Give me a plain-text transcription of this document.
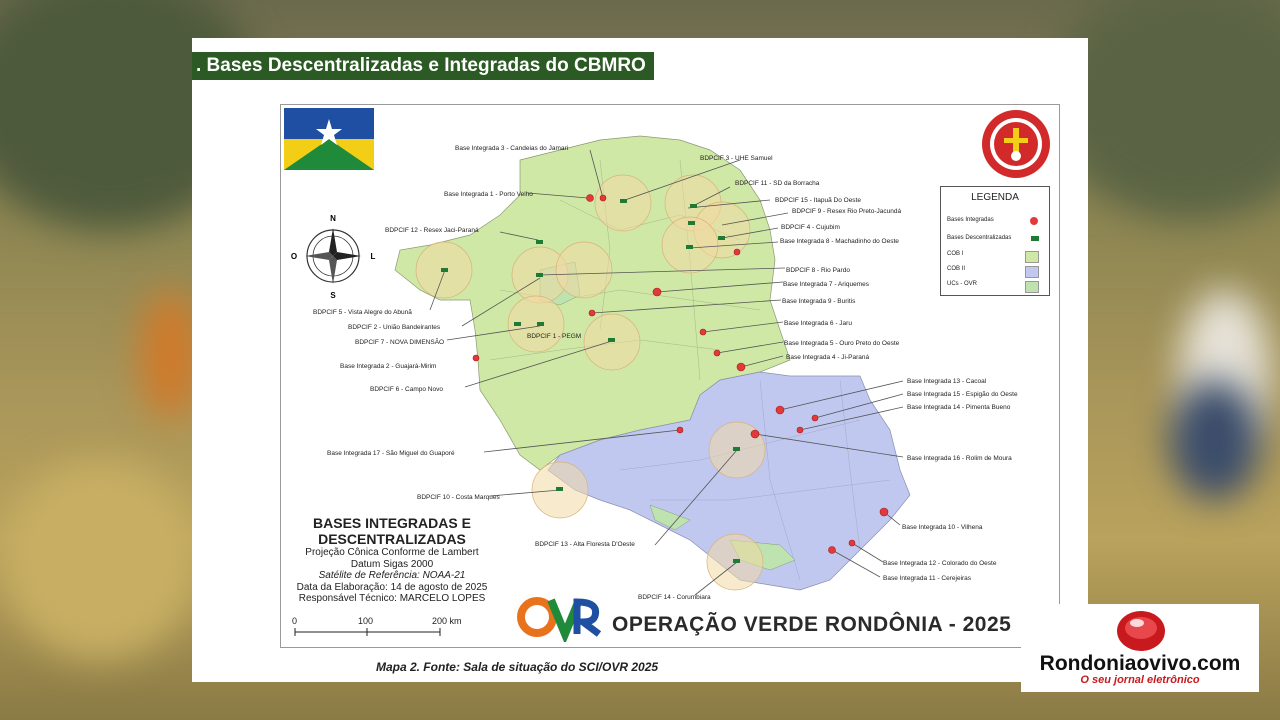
. Bases Descentralizadas e Integradas do CBMRO
Base Integrada 3 - Candeias do Jamari
BDPCIF 3 - UHE Samuel
BDPCIF 11 - SD da Borracha
Base Integrada 1 - Porto Velho
BDPCIF 15 - Itapuã Do Oeste
BDPCIF 9 - Resex Rio Preto-Jacundá
BDPCIF 4 - Cujubim
Base Integrada 8 - Machadinho do Oeste
BDPCIF 12 - Resex Jaci-Paraná
BDPCIF 8 - Rio Pardo
Base Integrada 7 - Ariquemes
Base Integrada 9 - Buritis
BDPCIF 5 - Vista Alegre do Abunã
BDPCIF 2 - União Bandeirantes
BDPCIF 7 - NOVA DIMENSÃO
BDPCIF 1 - PEGM
Base Integrada 6 - Jaru
Base Integrada 5 - Ouro Preto do Oeste
Base Integrada 4 - Ji-Paraná
Base Integrada 2 - Guajará-Mirim
BDPCIF 6 - Campo Novo
Base Integrada 13 - Cacoal
Base Integrada 15 - Espigão do Oeste
Base Integrada 14 - Pimenta Bueno
Base Integrada 17 - São Miguel do Guaporé
Base Integrada 16 - Rolim de Moura
BDPCIF 10 - Costa Marques
Base Integrada 10 - Vilhena
BDPCIF 13 - Alta Floresta D'Oeste
Base Integrada 12 - Colorado do Oeste
Base Integrada 11 - Cerejeiras
BDPCIF 14 - Corumbiara
N
S
O	L
LEGENDA
Bases Integradas
Bases Descentralizadas
COB I
COB II
UCs - OVR
BASES INTEGRADAS E
DESCENTRALIZADAS
Projeção Cônica Conforme de Lambert
Datum Sigas 2000
Satélite de Referência: NOAA-21
Data da Elaboração: 14 de agosto de 2025
Responsável Técnico: MARCELO LOPES
0	100	200 km	OPERAÇÃO VERDE RONDÔNIA - 2025
Mapa 2. Fonte: Sala de situação do SCI/OVR 2025	Rondoniaovivo.com
O seu jornal eletrônico
